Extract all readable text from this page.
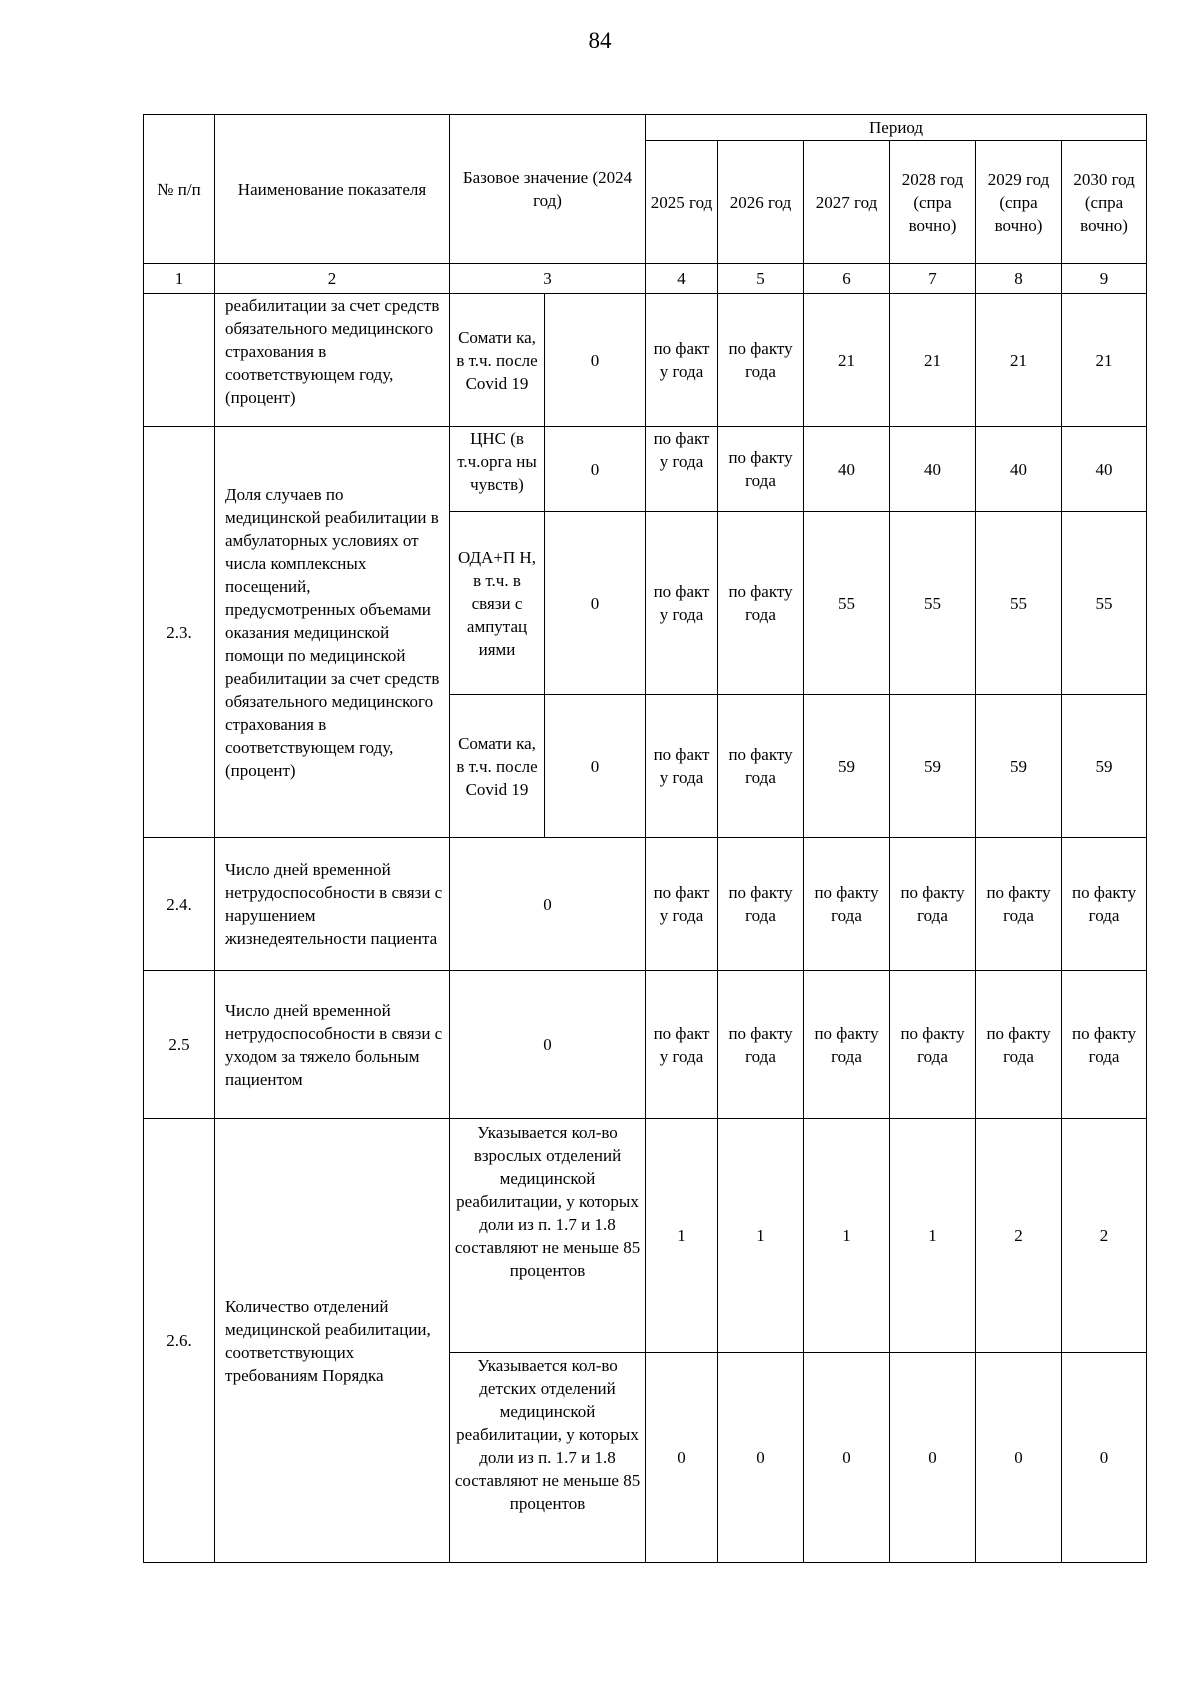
84
№ п/п	Наименование показателя	Базовое значение (2024 год)		Период					
				2025 год	2026 год	2027 год	2028 год (спра вочно)	2029 год (спра вочно)	2030 год (спра вочно)
1	2	3		4	5	6	7	8	9

	реабилитации за счет средств обязательного медицинского страхования в соответствующем году, (процент)	Сомати ка, в т.ч. после Covid 19	0	по факт у года	по факту года	21	21	21	21
2.3.	Доля случаев по медицинской реабилитации в амбулаторных условиях от числа комплексных посещений, предусмотренных объемами оказания медицинской помощи по медицинской реабилитации за счет средств обязательного медицинского страхования в соответствующем году, (процент)	ЦНС (в т.ч.орга ны чувств)	0	по факт у года	по факту года	40	40	40	40
		ОДА+П Н, в т.ч. в связи с ампутац иями	0	по факт у года	по факту года	55	55	55	55
		Сомати ка, в т.ч. после Covid 19	0	по факт у года	по факту года	59	59	59	59
2.4.	Число дней временной нетрудоспособности в связи с нарушением жизнедеятельности пациента	0		по факт у года	по факту года	по факту года	по факту года	по факту года	по факту года
2.5	Число дней временной нетрудоспособности в связи с уходом за тяжело больным пациентом	0		по факт у года	по факту года	по факту года	по факту года	по факту года	по факту года
2.6.	Количество отделений медицинской реабилитации, соответствующих требованиям Порядка	Указывается кол-во взрослых отделений медицинской реабилитации, у которых доли из п. 1.7 и 1.8 составляют не меньше 85 процентов		1	1	1	1	2	2

		Указывается кол-во детских отделений медицинской реабилитации, у которых доли из п. 1.7 и 1.8 составляют не меньше 85 процентов		0	0	0	0	0	0
